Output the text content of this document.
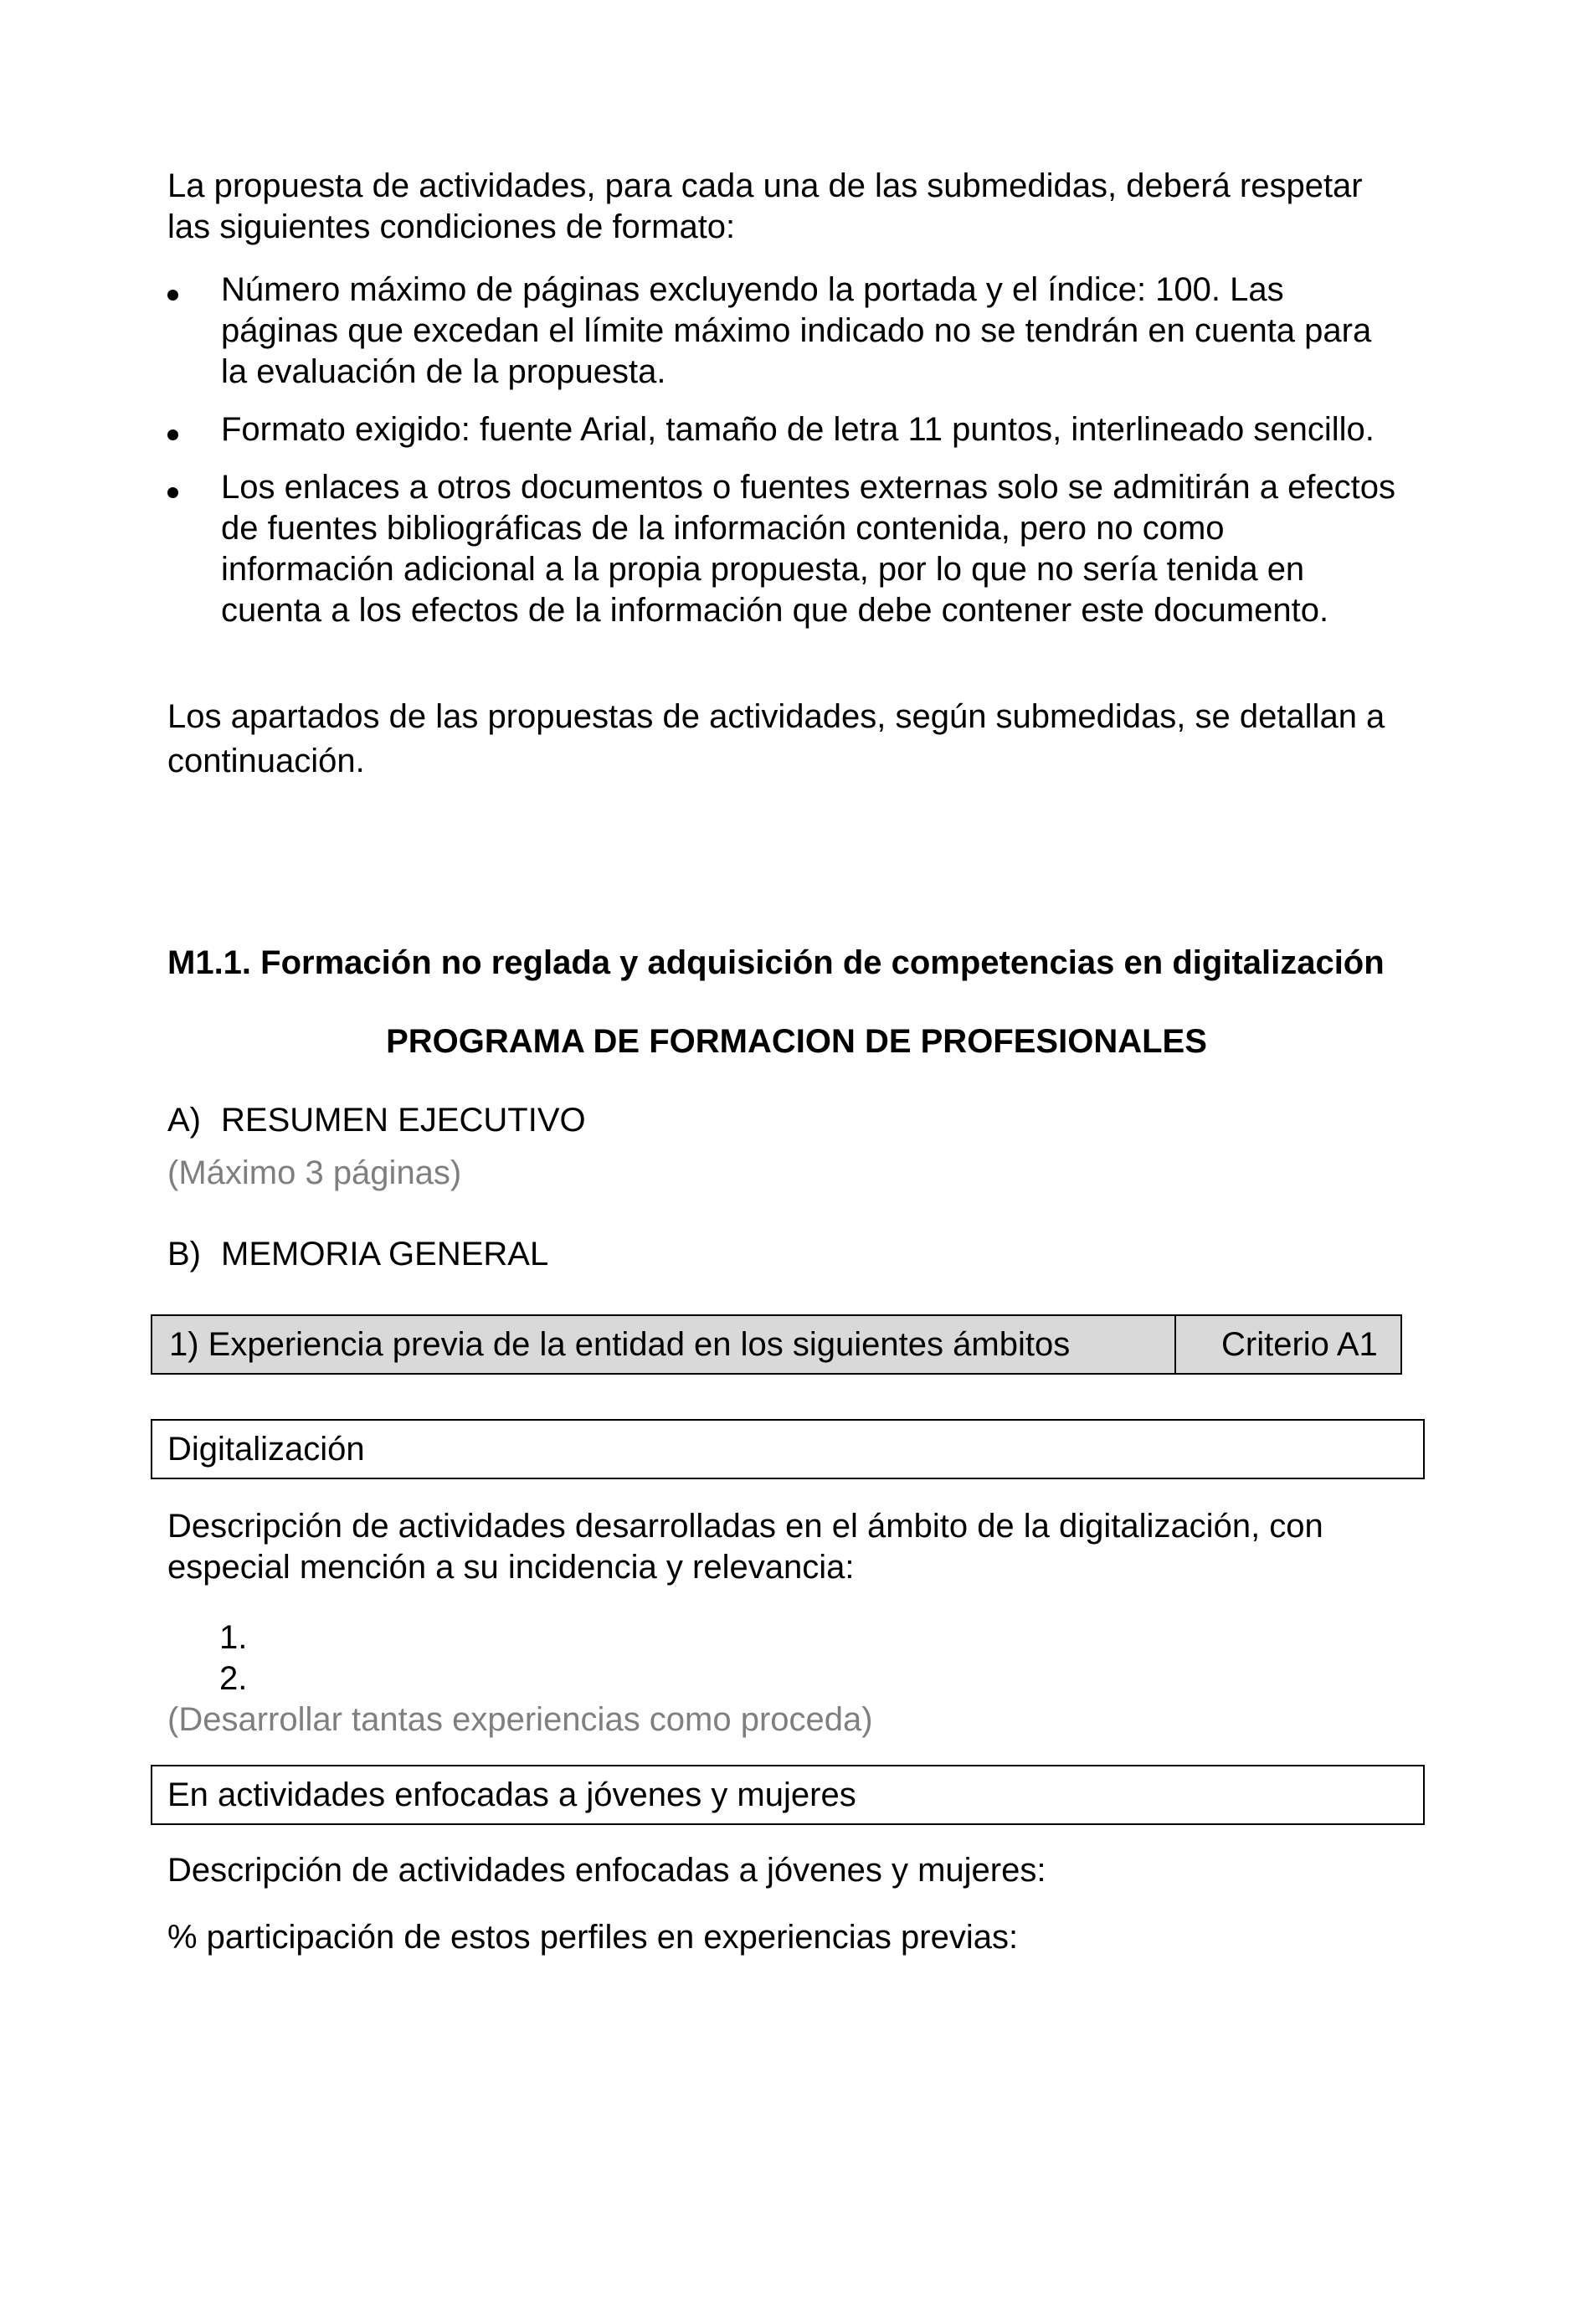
La propuesta de actividades, para cada una de las submedidas, deberá respetar
las siguientes condiciones de formato:
Número máximo de páginas excluyendo la portada y el índice: 100. Las
páginas que excedan el límite máximo indicado no se tendrán en cuenta para
la evaluación de la propuesta.
Formato exigido: fuente Arial, tamaño de letra 11 puntos, interlineado sencillo.
Los enlaces a otros documentos o fuentes externas solo se admitirán a efectos
de fuentes bibliográficas de la información contenida, pero no como
información adicional a la propia propuesta, por lo que no sería tenida en
cuenta a los efectos de la información que debe contener este documento.
Los apartados de las propuestas de actividades, según submedidas, se detallan a
continuación.
M1.1. Formación no reglada y adquisición de competencias en digitalización
PROGRAMA DE FORMACION DE PROFESIONALES
A) RESUMEN EJECUTIVO
(Máximo 3 páginas)
B) MEMORIA GENERAL
1) Experiencia previa de la entidad en los siguientes ámbitos	Criterio A1
Digitalización
Descripción de actividades desarrolladas en el ámbito de la digitalización, con
especial mención a su incidencia y relevancia:
1.
2.
(Desarrollar tantas experiencias como proceda)
En actividades enfocadas a jóvenes y mujeres
Descripción de actividades enfocadas a jóvenes y mujeres:
% participación de estos perfiles en experiencias previas:
